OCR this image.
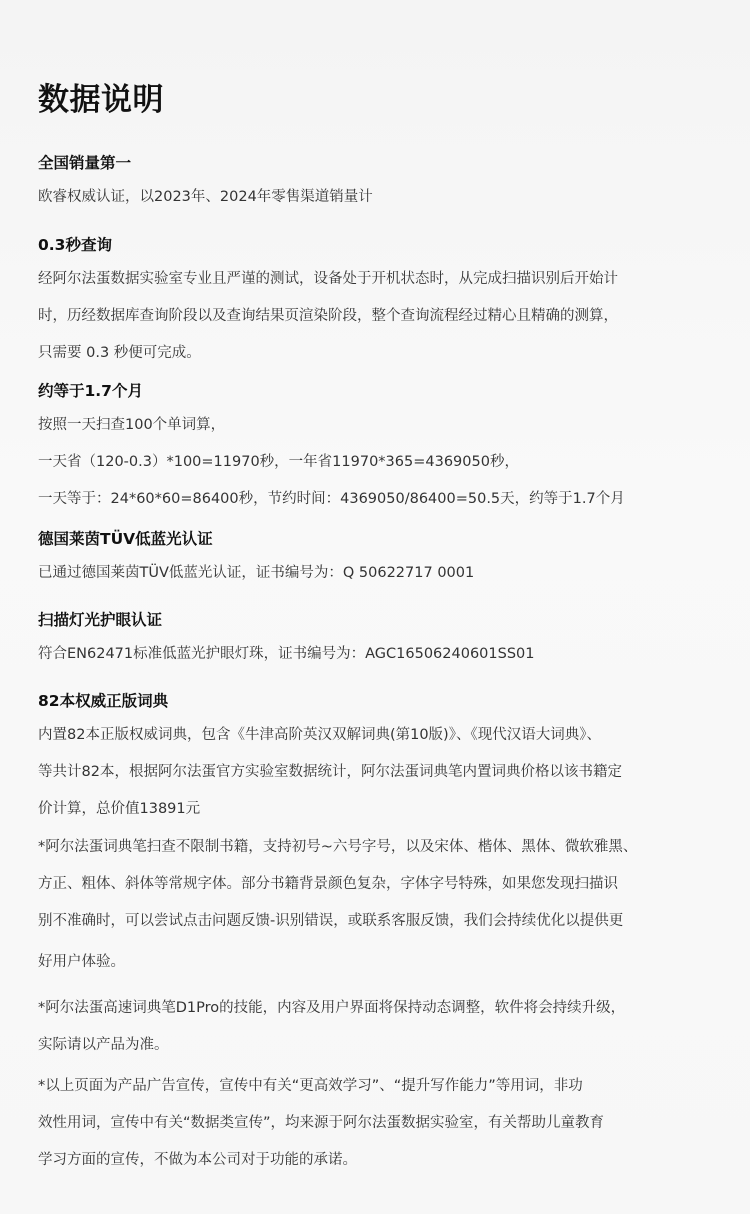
数据说明

全国销量第一

欧睿权威认证，以2023年、2024年零售渠道销量计

0.3秒查询

经阿尔法蛋数据实验室专业且严谨的测试，设备处于开机状态时，从完成扫描识别后开始计

时，历经数据库查询阶段以及查询结果页渲染阶段，整个查询流程经过精心且精确的测算，

只需要 0.3 秒便可完成。

约等于1.7个月

按照一天扫查100个单词算，

一天省（120-0.3）*100=11970秒，一年省11970*365=4369050秒，

一天等于：24*60*60=86400秒，节约时间：4369050/86400=50.5天，约等于1.7个月

德国莱茵TÜV低蓝光认证

已通过德国莱茵TÜV低蓝光认证，证书编号为：Q 50622717 0001

扫描灯光护眼认证

符合EN62471标准低蓝光护眼灯珠，证书编号为：AGC16506240601SS01

82本权威正版词典

内置82本正版权威词典，包含《牛津高阶英汉双解词典(第10版)》、《现代汉语大词典》、

等共计82本，根据阿尔法蛋官方实验室数据统计，阿尔法蛋词典笔内置词典价格以该书籍定

价计算，总价值13891元

*阿尔法蛋词典笔扫查不限制书籍，支持初号~六号字号，以及宋体、楷体、黑体、微软雅黑、

方正、粗体、斜体等常规字体。部分书籍背景颜色复杂，字体字号特殊，如果您发现扫描识

别不准确时，可以尝试点击问题反馈-识别错误，或联系客服反馈，我们会持续优化以提供更

好用户体验。

*阿尔法蛋高速词典笔D1Pro的技能，内容及用户界面将保持动态调整，软件将会持续升级，

实际请以产品为准。

*以上页面为产品广告宣传，宣传中有关“更高效学习”、“提升写作能力”等用词，非功

效性用词，宣传中有关“数据类宣传”，均来源于阿尔法蛋数据实验室，有关帮助儿童教育

学习方面的宣传，不做为本公司对于功能的承诺。
